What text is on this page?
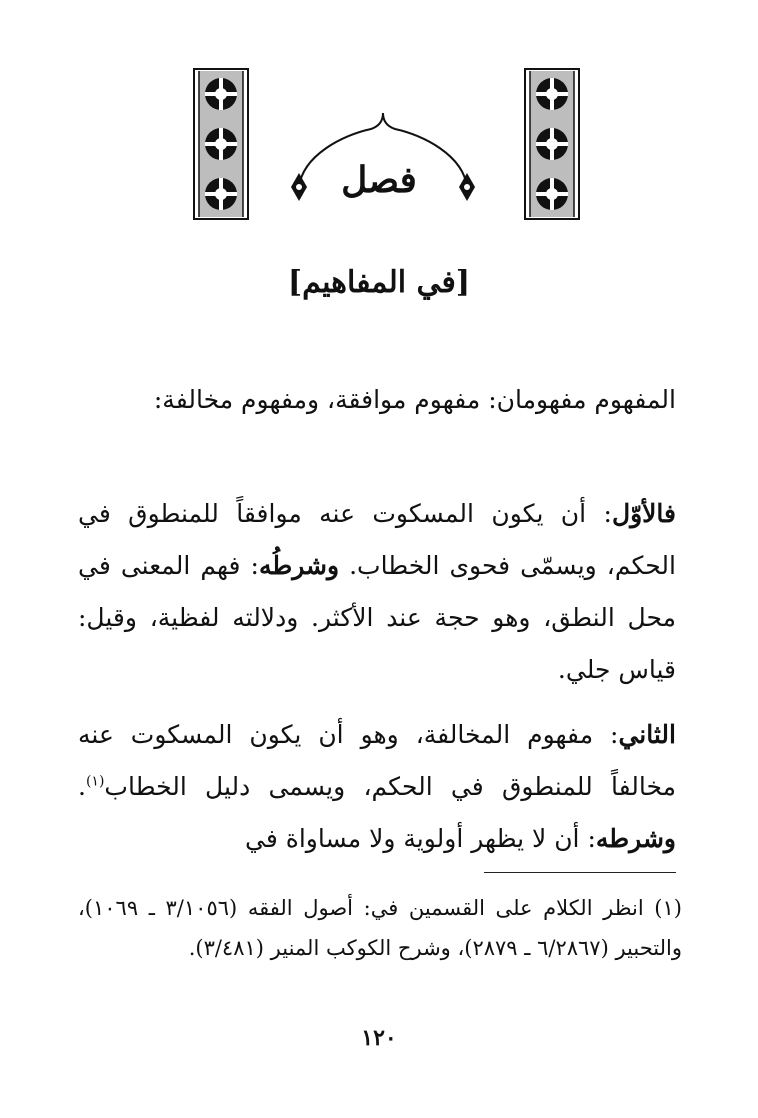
فصل
[في المفاهيم]

المفهوم مفهومان: مفهوم موافقة، ومفهوم مخالفة:

فالأوّل: أن يكون المسكوت عنه موافقاً للمنطوق في الحكم، ويسمّى فحوى الخطاب. وشرطُه: فهم المعنى في محل النطق، وهو حجة عند الأكثر. ودلالته لفظية، وقيل: قياس جلي.

الثاني: مفهوم المخالفة، وهو أن يكون المسكوت عنه مخالفاً للمنطوق في الحكم، ويسمى دليل الخطاب$^{(١)}$. وشرطه: أن لا يظهر أولوية ولا مساواة في

(١) انظر الكلام على القسمين في: أصول الفقه (٣/١٠٥٦ ـ ١٠٦٩)، والتحبير (٦/٢٨٦٧ ـ ٢٨٧٩)، وشرح الكوكب المنير (٣/٤٨١).
١٢٠
